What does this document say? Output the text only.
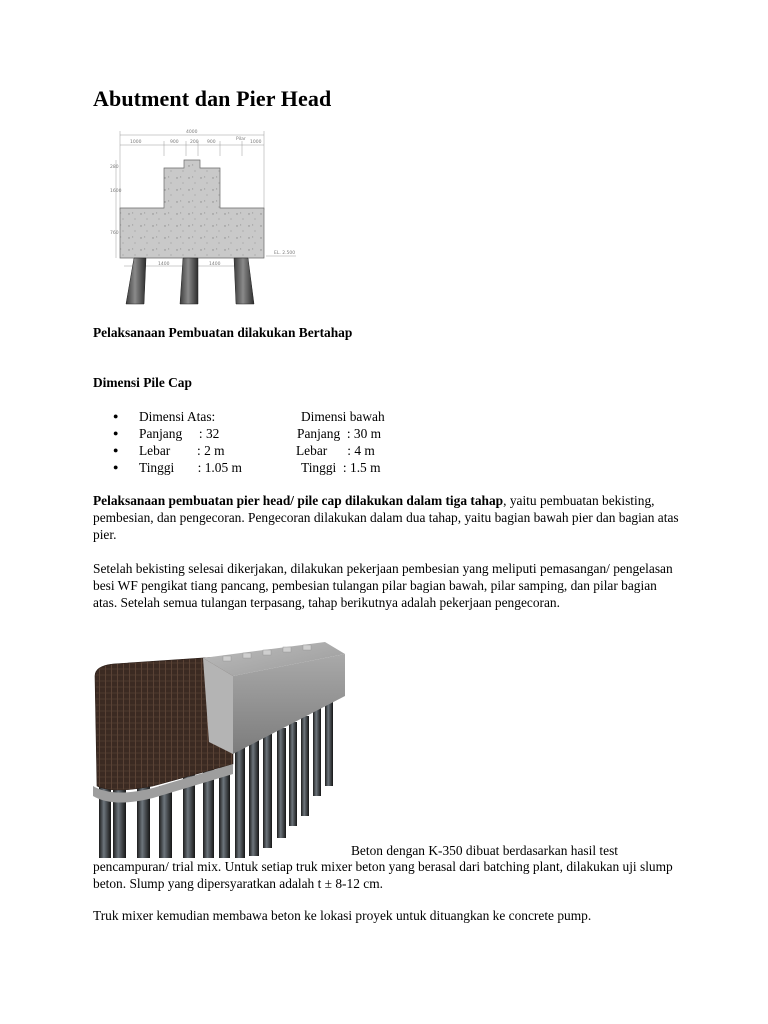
Abutment dan Pier Head
4000
1000	900	200 900	1000
280
1600
760
1400	1400
EL. 2.500
Pilar
Pelaksanaan Pembuatan dilakukan Bertahap
Dimensi Pile Cap
● Dimensi Atas:	Dimensi bawah
● Panjang     : 32	Panjang  : 30 m
● Lebar        : 2 m	Lebar      : 4 m
● Tinggi       : 1.05 m	Tinggi  : 1.5 m

Pelaksanaan pembuatan pier head/ pile cap dilakukan dalam tiga tahap, yaitu pembuatan bekisting, pembesian, dan pengecoran. Pengecoran dilakukan dalam dua tahap, yaitu bagian bawah pier dan bagian atas pier.

Setelah bekisting selesai dikerjakan, dilakukan pekerjaan pembesian yang meliputi pemasangan/ pengelasan besi WF pengikat tiang pancang, pembesian tulangan pilar bagian bawah, pilar samping, dan pilar bagian atas. Setelah semua tulangan terpasang, tahap berikutnya adalah pekerjaan pengecoran.

Beton dengan K-350 dibuat berdasarkan hasil test

pencampuran/ trial mix. Untuk setiap truk mixer beton yang berasal dari batching plant, dilakukan uji slump beton. Slump yang dipersyaratkan adalah t ± 8-12 cm.

Truk mixer kemudian membawa beton ke lokasi proyek untuk dituangkan ke concrete pump.
